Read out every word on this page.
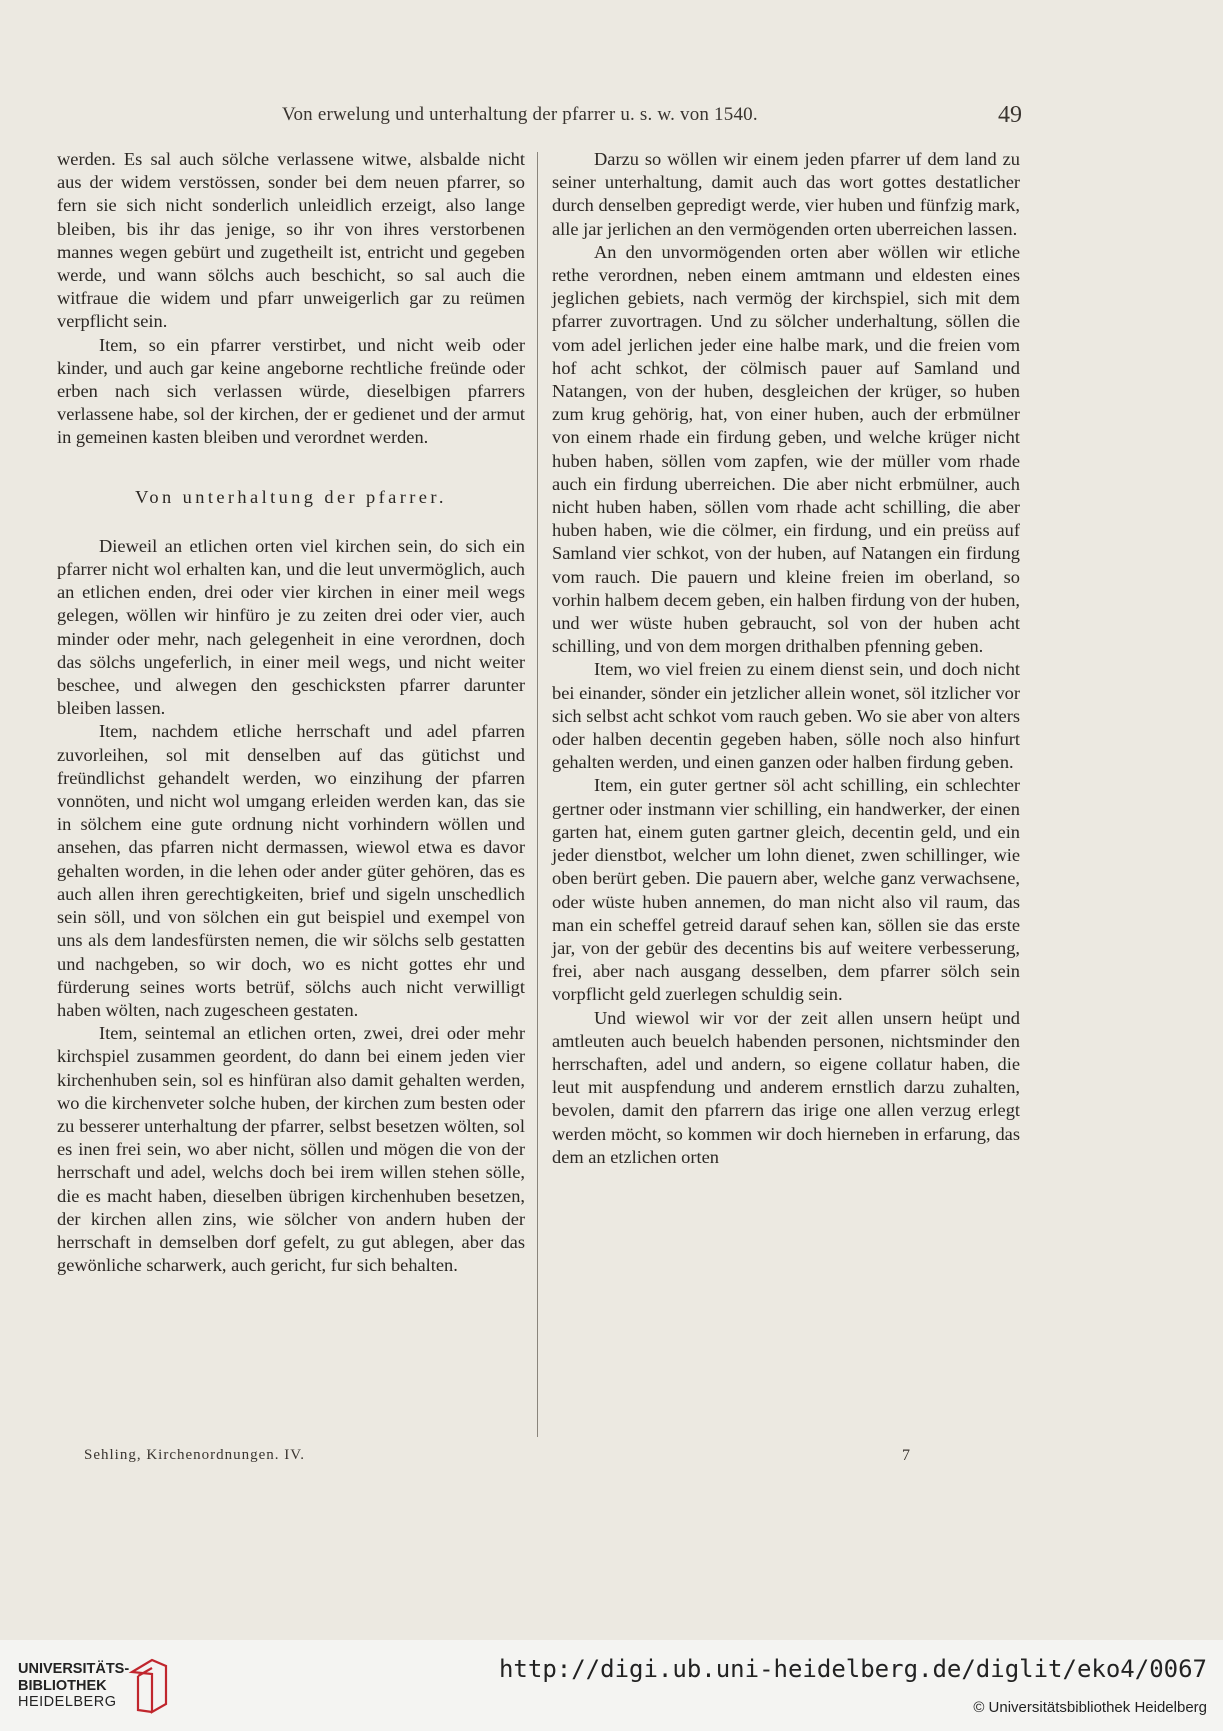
Von erwelung und unterhaltung der pfarrer u. s. w. von 1540.	49

werden. Es sal auch sölche verlassene witwe, alsbalde nicht aus der widem verstössen, sonder bei dem neuen pfarrer, so fern sie sich nicht sonderlich unleidlich erzeigt, also lange bleiben, bis ihr das jenige, so ihr von ihres verstorbenen mannes wegen gebürt und zugetheilt ist, entricht und gegeben werde, und wann sölchs auch beschicht, so sal auch die witfraue die widem und pfarr unweigerlich gar zu reümen verpflicht sein.

Item, so ein pfarrer verstirbet, und nicht weib oder kinder, und auch gar keine angeborne rechtliche freünde oder erben nach sich verlassen würde, dieselbigen pfarrers verlassene habe, sol der kirchen, der er gedienet und der armut in gemeinen kasten bleiben und verordnet werden.

Von unterhaltung der pfarrer.

Dieweil an etlichen orten viel kirchen sein, do sich ein pfarrer nicht wol erhalten kan, und die leut unvermöglich, auch an etlichen enden, drei oder vier kirchen in einer meil wegs gelegen, wöllen wir hinfüro je zu zeiten drei oder vier, auch minder oder mehr, nach gelegenheit in eine verordnen, doch das sölchs ungeferlich, in einer meil wegs, und nicht weiter beschee, und alwegen den geschicksten pfarrer darunter bleiben lassen.

Item, nachdem etliche herrschaft und adel pfarren zuvorleihen, sol mit denselben auf das gütichst und freündlichst gehandelt werden, wo einzihung der pfarren vonnöten, und nicht wol umgang erleiden werden kan, das sie in sölchem eine gute ordnung nicht vorhindern wöllen und ansehen, das pfarren nicht dermassen, wiewol etwa es davor gehalten worden, in die lehen oder ander güter gehören, das es auch allen ihren gerechtigkeiten, brief und sigeln unschedlich sein söll, und von sölchen ein gut beispiel und exempel von uns als dem landesfürsten nemen, die wir sölchs selb gestatten und nachgeben, so wir doch, wo es nicht gottes ehr und fürderung seines worts betrüf, sölchs auch nicht verwilligt haben wölten, nach zugescheen gestaten.

Item, seintemal an etlichen orten, zwei, drei oder mehr kirchspiel zusammen geordent, do dann bei einem jeden vier kirchenhuben sein, sol es hinfüran also damit gehalten werden, wo die kirchenveter solche huben, der kirchen zum besten oder zu besserer unterhaltung der pfarrer, selbst besetzen wölten, sol es inen frei sein, wo aber nicht, söllen und mögen die von der herrschaft und adel, welchs doch bei irem willen stehen sölle, die es macht haben, dieselben übrigen kirchenhuben besetzen, der kirchen allen zins, wie sölcher von andern huben der herrschaft in demselben dorf gefelt, zu gut ablegen, aber das gewönliche scharwerk, auch gericht, fur sich behalten.

Darzu so wöllen wir einem jeden pfarrer uf dem land zu seiner unterhaltung, damit auch das wort gottes destatlicher durch denselben gepredigt werde, vier huben und fünfzig mark, alle jar jerlichen an den vermögenden orten uberreichen lassen.

An den unvormögenden orten aber wöllen wir etliche rethe verordnen, neben einem amtmann und eldesten eines jeglichen gebiets, nach vermög der kirchspiel, sich mit dem pfarrer zuvortragen. Und zu sölcher underhaltung, söllen die vom adel jerlichen jeder eine halbe mark, und die freien vom hof acht schkot, der cölmisch pauer auf Samland und Natangen, von der huben, desgleichen der krüger, so huben zum krug gehörig, hat, von einer huben, auch der erbmülner von einem rhade ein firdung geben, und welche krüger nicht huben haben, söllen vom zapfen, wie der müller vom rhade auch ein firdung uberreichen. Die aber nicht erbmülner, auch nicht huben haben, söllen vom rhade acht schilling, die aber huben haben, wie die cölmer, ein firdung, und ein preüss auf Samland vier schkot, von der huben, auf Natangen ein firdung vom rauch. Die pauern und kleine freien im oberland, so vorhin halbem decem geben, ein halben firdung von der huben, und wer wüste huben gebraucht, sol von der huben acht schilling, und von dem morgen drithalben pfenning geben.

Item, wo viel freien zu einem dienst sein, und doch nicht bei einander, sönder ein jetzlicher allein wonet, söl itzlicher vor sich selbst acht schkot vom rauch geben. Wo sie aber von alters oder halben decentin gegeben haben, sölle noch also hinfurt gehalten werden, und einen ganzen oder halben firdung geben.

Item, ein guter gertner söl acht schilling, ein schlechter gertner oder instmann vier schilling, ein handwerker, der einen garten hat, einem guten gartner gleich, decentin geld, und ein jeder dienstbot, welcher um lohn dienet, zwen schillinger, wie oben berürt geben. Die pauern aber, welche ganz verwachsene, oder wüste huben annemen, do man nicht also vil raum, das man ein scheffel getreid darauf sehen kan, söllen sie das erste jar, von der gebür des decentins bis auf weitere verbesserung, frei, aber nach ausgang desselben, dem pfarrer sölch sein vorpflicht geld zuerlegen schuldig sein.

Und wiewol wir vor der zeit allen unsern heüpt und amtleuten auch beuelch habenden personen, nichtsminder den herrschaften, adel und andern, so eigene collatur haben, die leut mit auspfendung und anderem ernstlich darzu zuhalten, bevolen, damit den pfarrern das irige one allen verzug erlegt werden möcht, so kommen wir doch hierneben in erfarung, das dem an etzlichen orten

Sehling, Kirchenordnungen. IV.	7
UNIVERSITÄTS-
BIBLIOTHEK
HEIDELBERG
http://digi.ub.uni-heidelberg.de/diglit/eko4/0067
© Universitätsbibliothek Heidelberg
